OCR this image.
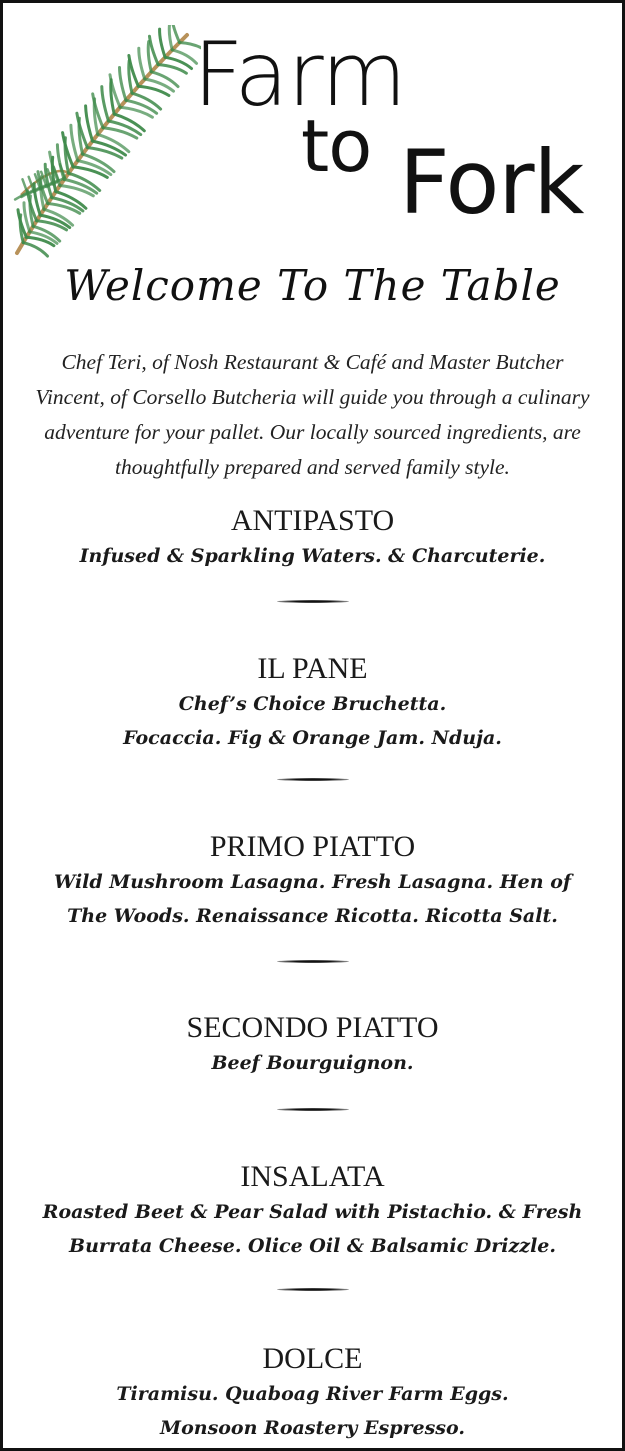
Farm
to Fork
Welcome To The Table

Chef Teri, of Nosh Restaurant & Café and Master Butcher Vincent, of Corsello Butcheria will guide you through a culinary adventure for your pallet. Our locally sourced ingredients, are thoughtfully prepared and served family style.

ANTIPASTO

Infused & Sparkling Waters. & Charcuterie.

IL PANE

Chef’s Choice Bruchetta.

Focaccia. Fig & Orange Jam. Nduja.

PRIMO PIATTO

Wild Mushroom Lasagna. Fresh Lasagna. Hen of

The Woods. Renaissance Ricotta. Ricotta Salt.

SECONDO PIATTO

Beef Bourguignon.

INSALATA

Roasted Beet & Pear Salad with Pistachio. & Fresh

Burrata Cheese. Olice Oil & Balsamic Drizzle.

DOLCE

Tiramisu. Quaboag River Farm Eggs.

Monsoon Roastery Espresso.
